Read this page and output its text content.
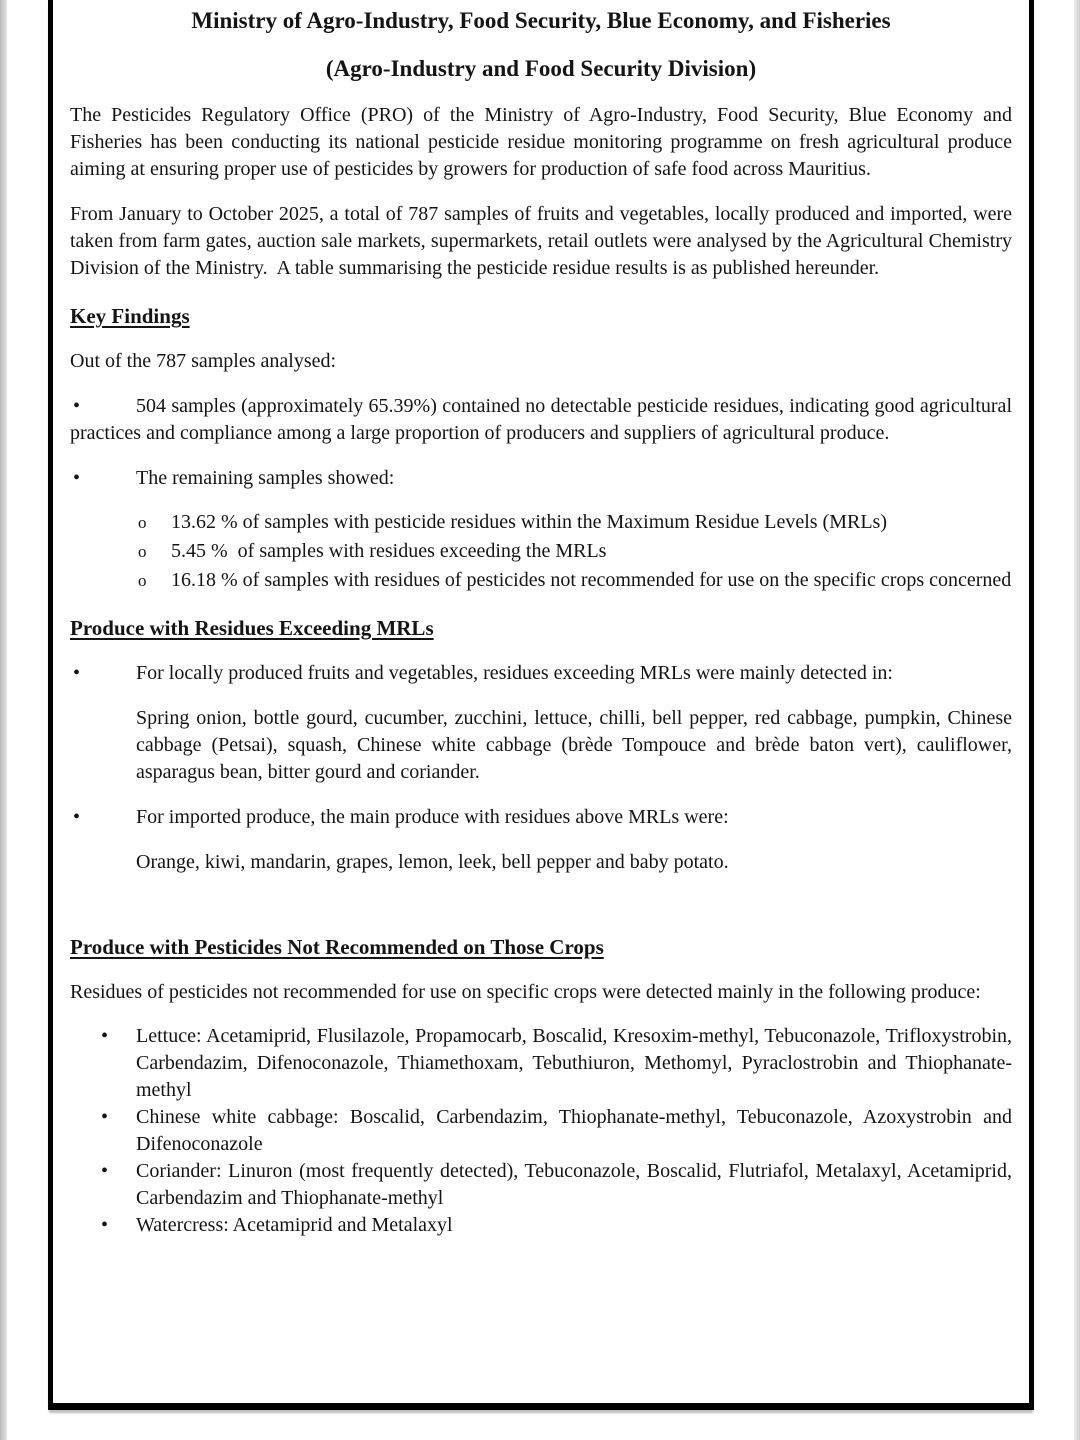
Ministry of Agro-Industry, Food Security, Blue Economy, and Fisheries
(Agro-Industry and Food Security Division)

The Pesticides Regulatory Office (PRO) of the Ministry of Agro-Industry, Food Security, Blue Economy and Fisheries has been conducting its national pesticide residue monitoring programme on fresh agricultural produce aiming at ensuring proper use of pesticides by growers for production of safe food across Mauritius.

From January to October 2025, a total of 787 samples of fruits and vegetables, locally produced and imported, were taken from farm gates, auction sale markets, supermarkets, retail outlets were analysed by the Agricultural Chemistry Division of the Ministry.  A table summarising the pesticide residue results is as published hereunder.

Key Findings

Out of the 787 samples analysed:

•	504 samples (approximately 65.39%) contained no detectable pesticide residues, indicating good agricultural practices and compliance among a large proportion of producers and suppliers of agricultural produce.

•	The remaining samples showed:

o 13.62 % of samples with pesticide residues within the Maximum Residue Levels (MRLs)
o 5.45 %  of samples with residues exceeding the MRLs
o 16.18 % of samples with residues of pesticides not recommended for use on the specific crops concerned
Produce with Residues Exceeding MRLs

•	For locally produced fruits and vegetables, residues exceeding MRLs were mainly detected in:

Spring onion, bottle gourd, cucumber, zucchini, lettuce, chilli, bell pepper, red cabbage, pumpkin, Chinese cabbage (Petsai), squash, Chinese white cabbage (brède Tompouce and brède baton vert), cauliflower, asparagus bean, bitter gourd and coriander.

•	For imported produce, the main produce with residues above MRLs were:

Orange, kiwi, mandarin, grapes, lemon, leek, bell pepper and baby potato.

Produce with Pesticides Not Recommended on Those Crops

Residues of pesticides not recommended for use on specific crops were detected mainly in the following produce:

• Lettuce: Acetamiprid, Flusilazole, Propamocarb, Boscalid, Kresoxim-methyl, Tebuconazole, Trifloxystrobin, Carbendazim, Difenoconazole, Thiamethoxam, Tebuthiuron, Methomyl, Pyraclostrobin and Thiophanate-methyl
• Chinese white cabbage: Boscalid, Carbendazim, Thiophanate-methyl, Tebuconazole, Azoxystrobin and Difenoconazole
• Coriander: Linuron (most frequently detected), Tebuconazole, Boscalid, Flutriafol, Metalaxyl, Acetamiprid, Carbendazim and Thiophanate-methyl
• Watercress: Acetamiprid and Metalaxyl
